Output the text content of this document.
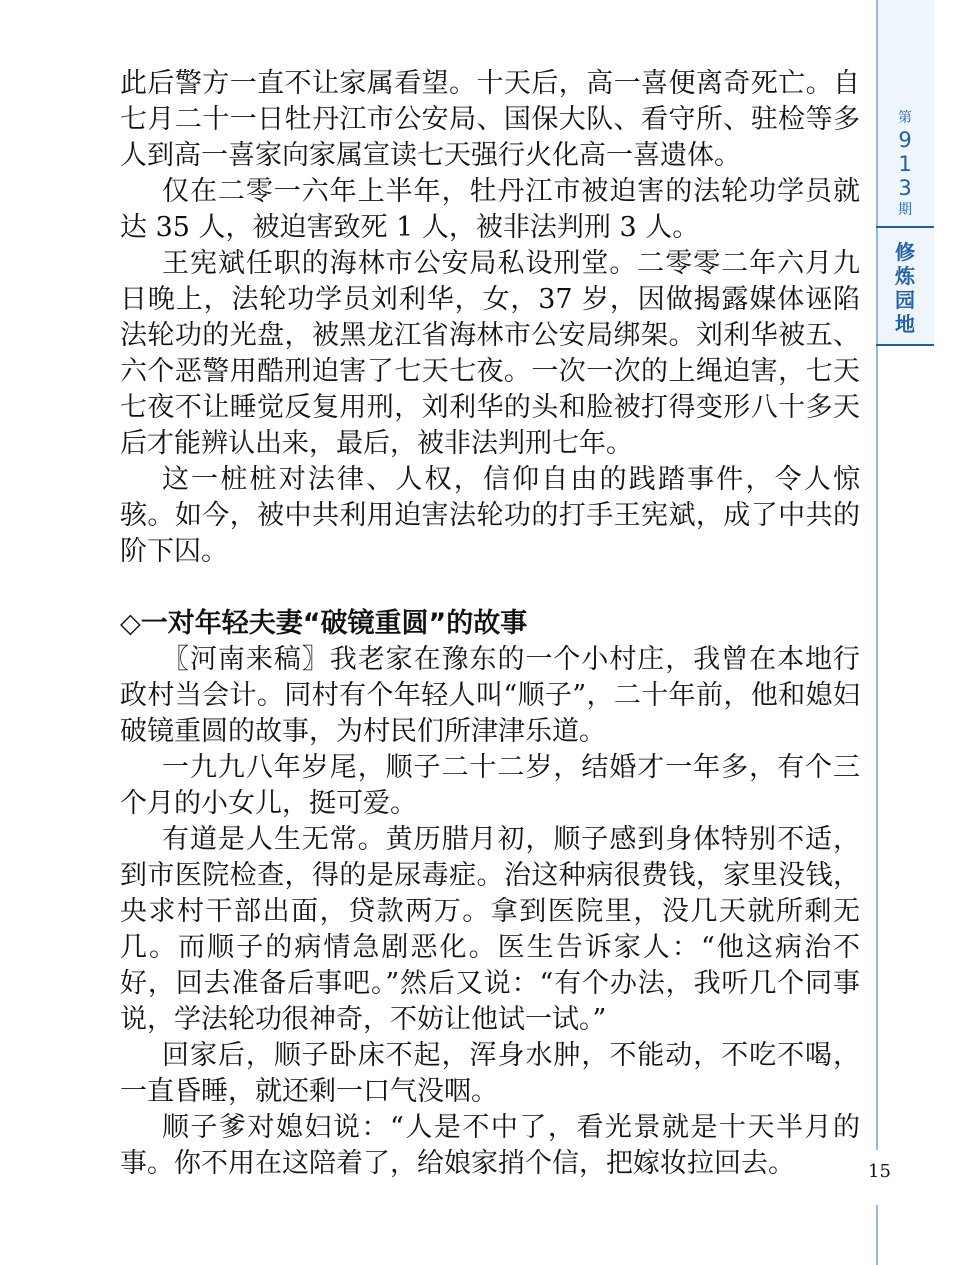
第
9
1
3
期
修
炼
园
地

此后警方一直不让家属看望。十天后，高一喜便离奇死亡。自七月二十一日牡丹江市公安局、国保大队、看守所、驻检等多人到高一喜家向家属宣读七天强行火化高一喜遗体。

仅在二零一六年上半年，牡丹江市被迫害的法轮功学员就达 35 人，被迫害致死 1 人，被非法判刑 3 人。

王宪斌任职的海林市公安局私设刑堂。二零零二年六月九日晚上，法轮功学员刘利华，女，37 岁，因做揭露媒体诬陷法轮功的光盘，被黑龙江省海林市公安局绑架。刘利华被五、六个恶警用酷刑迫害了七天七夜。一次一次的上绳迫害，七天七夜不让睡觉反复用刑，刘利华的头和脸被打得变形八十多天后才能辨认出来，最后，被非法判刑七年。

这一桩桩对法律、人权，信仰自由的践踏事件，令人惊骇。如今，被中共利用迫害法轮功的打手王宪斌，成了中共的阶下囚。

◇一对年轻夫妻“破镜重圆”的故事

〖河南来稿〗我老家在豫东的一个小村庄，我曾在本地行政村当会计。同村有个年轻人叫“顺子”，二十年前，他和媳妇破镜重圆的故事，为村民们所津津乐道。

一九九八年岁尾，顺子二十二岁，结婚才一年多，有个三个月的小女儿，挺可爱。

有道是人生无常。黄历腊月初，顺子感到身体特别不适，到市医院检查，得的是尿毒症。治这种病很费钱，家里没钱，央求村干部出面，贷款两万。拿到医院里，没几天就所剩无几。而顺子的病情急剧恶化。医生告诉家人：“他这病治不好，回去准备后事吧。”然后又说：“有个办法，我听几个同事说，学法轮功很神奇，不妨让他试一试。”

回家后，顺子卧床不起，浑身水肿，不能动，不吃不喝，一直昏睡，就还剩一口气没咽。

顺子爹对媳妇说：“人是不中了，看光景就是十天半月的事。你不用在这陪着了，给娘家捎个信，把嫁妆拉回去。	15
